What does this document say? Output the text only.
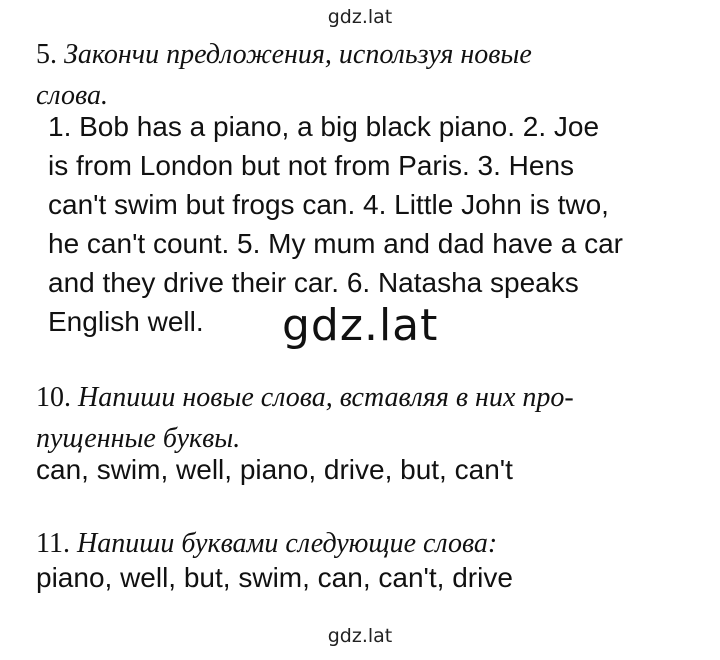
gdz.lat
5. Закончи предложения, используя новые
слова.
1. Bob has a piano, a big black piano. 2. Joe
is from London but not from Paris. 3. Hens
can't swim but frogs can. 4. Little John is two,
he can't count. 5. My mum and dad have a car
and they drive their car. 6. Natasha speaks
English well.	gdz.lat
10. Напиши новые слова, вставляя в них про-
пущенные буквы.
can, swim, well, piano, drive, but, can't
11. Напиши буквами следующие слова:
piano, well, but, swim, can, can't, drive
gdz.lat
